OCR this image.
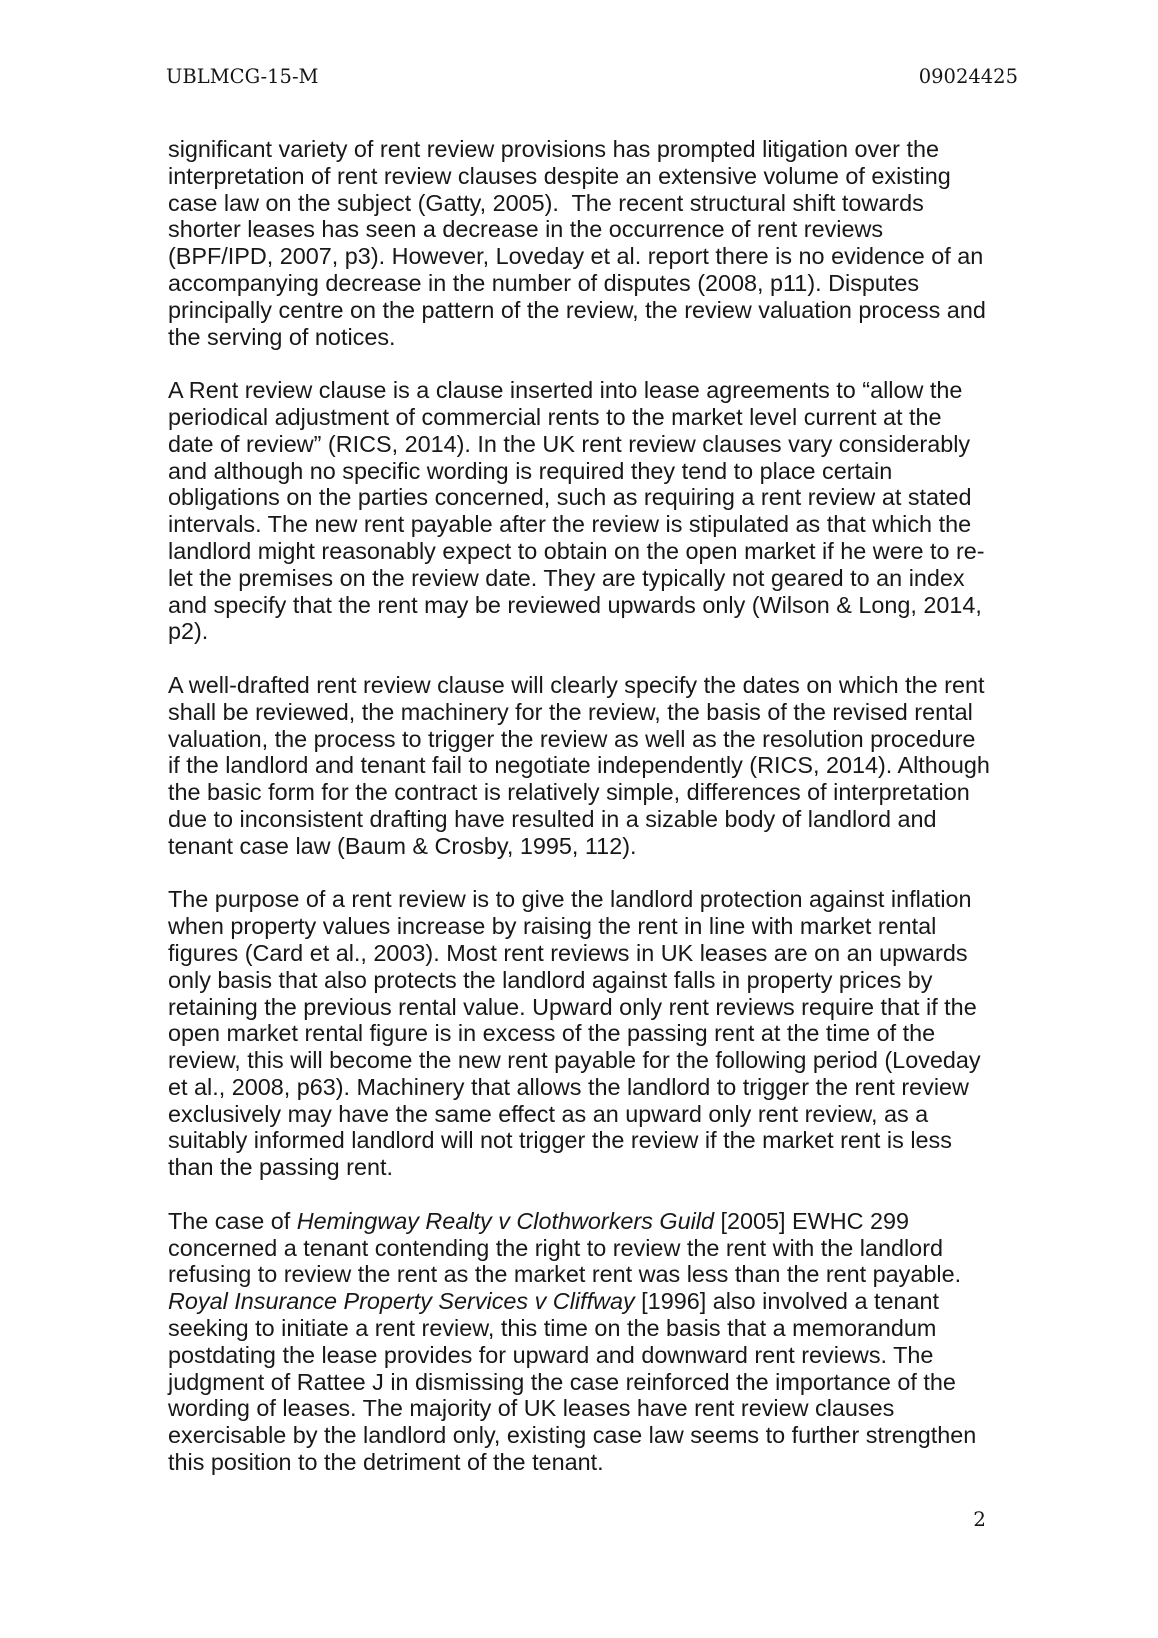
UBLMCG-15-M	09024425

significant variety of rent review provisions has prompted litigation over the interpretation of rent review clauses despite an extensive volume of existing case law on the subject (Gatty, 2005).  The recent structural shift towards shorter leases has seen a decrease in the occurrence of rent reviews (BPF/IPD, 2007, p3). However, Loveday et al. report there is no evidence of an accompanying decrease in the number of disputes (2008, p11). Disputes principally centre on the pattern of the review, the review valuation process and the serving of notices.

A Rent review clause is a clause inserted into lease agreements to “allow the periodical adjustment of commercial rents to the market level current at the date of review” (RICS, 2014). In the UK rent review clauses vary considerably and although no specific wording is required they tend to place certain obligations on the parties concerned, such as requiring a rent review at stated intervals. The new rent payable after the review is stipulated as that which the landlord might reasonably expect to obtain on the open market if he were to re-let the premises on the review date. They are typically not geared to an index and specify that the rent may be reviewed upwards only (Wilson & Long, 2014, p2).

A well-drafted rent review clause will clearly specify the dates on which the rent shall be reviewed, the machinery for the review, the basis of the revised rental valuation, the process to trigger the review as well as the resolution procedure if the landlord and tenant fail to negotiate independently (RICS, 2014). Although the basic form for the contract is relatively simple, differences of interpretation due to inconsistent drafting have resulted in a sizable body of landlord and tenant case law (Baum & Crosby, 1995, 112).

The purpose of a rent review is to give the landlord protection against inflation when property values increase by raising the rent in line with market rental figures (Card et al., 2003). Most rent reviews in UK leases are on an upwards only basis that also protects the landlord against falls in property prices by retaining the previous rental value. Upward only rent reviews require that if the open market rental figure is in excess of the passing rent at the time of the review, this will become the new rent payable for the following period (Loveday et al., 2008, p63). Machinery that allows the landlord to trigger the rent review exclusively may have the same effect as an upward only rent review, as a suitably informed landlord will not trigger the review if the market rent is less than the passing rent.

The case of Hemingway Realty v Clothworkers Guild [2005] EWHC 299 concerned a tenant contending the right to review the rent with the landlord refusing to review the rent as the market rent was less than the rent payable. Royal Insurance Property Services v Cliffway [1996] also involved a tenant seeking to initiate a rent review, this time on the basis that a memorandum postdating the lease provides for upward and downward rent reviews. The judgment of Rattee J in dismissing the case reinforced the importance of the wording of leases. The majority of UK leases have rent review clauses exercisable by the landlord only, existing case law seems to further strengthen this position to the detriment of the tenant.

2
